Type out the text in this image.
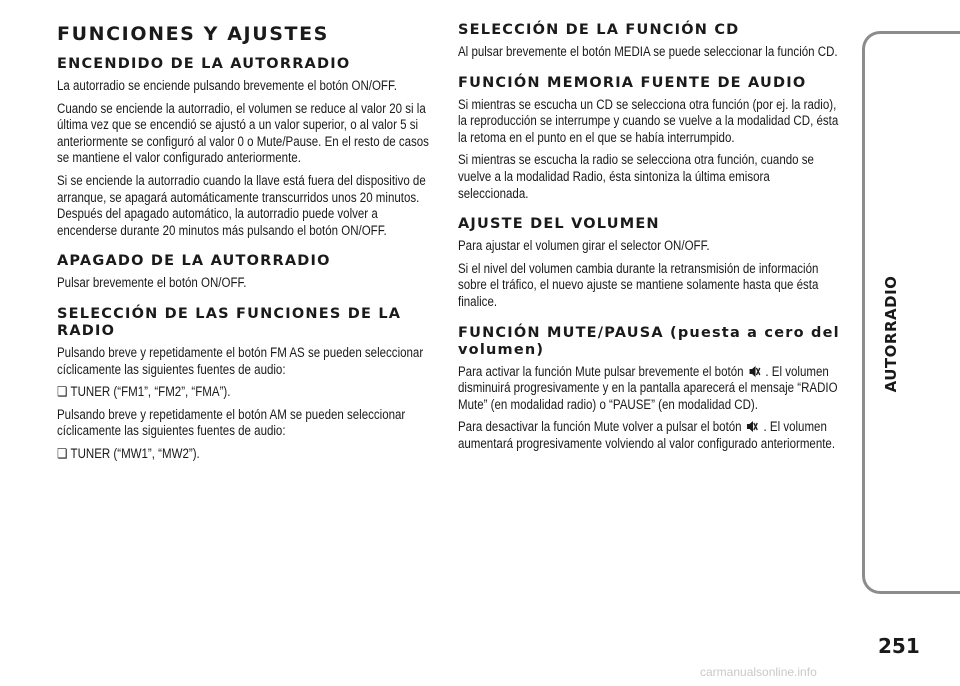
FUNCIONES Y AJUSTES
ENCENDIDO DE LA AUTORRADIO

La autorradio se enciende pulsando brevemente el botón ON/OFF.

Cuando se enciende la autorradio, el volumen se reduce al valor 20 si la última vez que se encendió se ajustó a un valor superior, o al valor 5 si anteriormente se configuró al valor 0 o Mute/Pause. En el resto de casos se mantiene el valor configurado anteriormente.

Si se enciende la autorradio cuando la llave está fuera del dispositivo de arranque, se apagará automáticamente transcurridos unos 20 minutos. Después del apagado automático, la autorradio puede volver a encenderse durante 20 minutos más pulsando el botón ON/OFF.

APAGADO DE LA AUTORRADIO

Pulsar brevemente el botón ON/OFF.

SELECCIÓN DE LAS FUNCIONES DE LA RADIO

Pulsando breve y repetidamente el botón FM AS se pueden seleccionar cíclicamente las siguientes fuentes de audio:

❏ TUNER (“FM1”, “FM2”, “FMA”).

Pulsando breve y repetidamente el botón AM se pueden seleccionar cíclicamente las siguientes fuentes de audio:

❏ TUNER (“MW1”, “MW2”).

SELECCIÓN DE LA FUNCIÓN CD

Al pulsar brevemente el botón MEDIA se puede seleccionar la función CD.

FUNCIÓN MEMORIA FUENTE DE AUDIO

Si mientras se escucha un CD se selecciona otra función (por ej. la radio), la reproducción se interrumpe y cuando se vuelve a la modalidad CD, ésta la retoma en el punto en el que se había interrumpido.

Si mientras se escucha la radio se selecciona otra función, cuando se vuelve a la modalidad Radio, ésta sintoniza la última emisora seleccionada.

AJUSTE DEL VOLUMEN

Para ajustar el volumen girar el selector ON/OFF.

Si el nivel del volumen cambia durante la retransmisión de información sobre el tráfico, el nuevo ajuste se mantiene solamente hasta que ésta finalice.

FUNCIÓN MUTE/PAUSA (puesta a cero del volumen)

Para activar la función Mute pulsar brevemente el botón . El volumen disminuirá progresivamente y en la pantalla aparecerá el mensaje “RADIO Mute” (en modalidad radio) o “PAUSE” (en modalidad CD).

Para desactivar la función Mute volver a pulsar el botón . El volumen aumentará progresivamente volviendo al valor configurado anteriormente.

AUTORRADIO
251
carmanualsonline.info
